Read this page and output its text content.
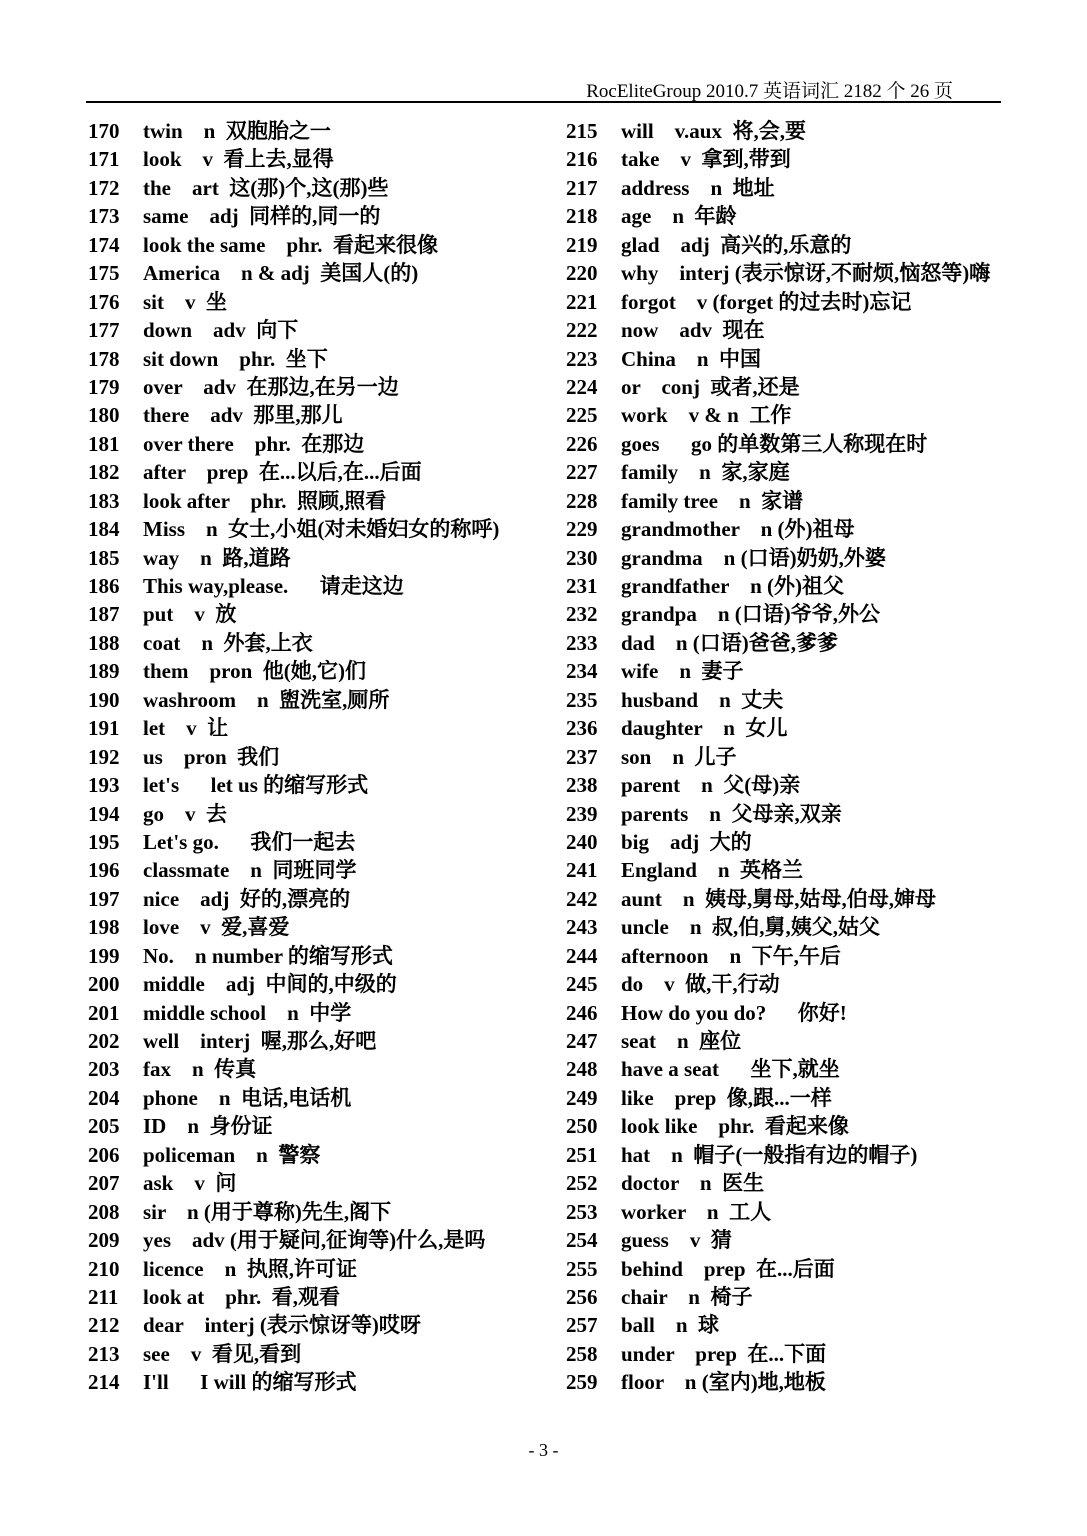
RocEliteGroup 2010.7 英语词汇 2182 个 26 页
170 twin    n  双胞胎之一
171 look    v  看上去,显得
172 the    art  这(那)个,这(那)些
173 same    adj  同样的,同一的
174 look the same    phr.  看起来很像
175 America    n & adj  美国人(的)
176 sit    v  坐
177 down    adv  向下
178 sit down    phr.  坐下
179 over    adv  在那边,在另一边
180 there    adv  那里,那儿
181 over there    phr.  在那边
182 after    prep  在...以后,在...后面
183 look after    phr.  照顾,照看
184 Miss    n  女士,小姐(对未婚妇女的称呼)
185 way    n  路,道路
186 This way,please.      请走这边
187 put    v  放
188 coat    n  外套,上衣
189 them    pron  他(她,它)们
190 washroom    n  盥洗室,厕所
191 let    v  让
192 us    pron  我们
193 let's      let us 的缩写形式
194 go    v  去
195 Let's go.      我们一起去
196 classmate    n  同班同学
197 nice    adj  好的,漂亮的
198 love    v  爱,喜爱
199 No.    n number 的缩写形式
200 middle    adj  中间的,中级的
201 middle school    n  中学
202 well    interj  喔,那么,好吧
203 fax    n  传真
204 phone    n  电话,电话机
205 ID    n  身份证
206 policeman    n  警察
207 ask    v  问
208 sir    n (用于尊称)先生,阁下
209 yes    adv (用于疑问,征询等)什么,是吗
210 licence    n  执照,许可证
211 look at    phr.  看,观看
212 dear    interj (表示惊讶等)哎呀
213 see    v  看见,看到
214 I'll      I will 的缩写形式
215 will    v.aux  将,会,要
216 take    v  拿到,带到
217 address    n  地址
218 age    n  年龄
219 glad    adj  高兴的,乐意的
220 why    interj (表示惊讶,不耐烦,恼怒等)嗨
221 forgot    v (forget 的过去时)忘记
222 now    adv  现在
223 China    n  中国
224 or    conj  或者,还是
225 work    v & n  工作
226 goes      go 的单数第三人称现在时
227 family    n  家,家庭
228 family tree    n  家谱
229 grandmother    n (外)祖母
230 grandma    n (口语)奶奶,外婆
231 grandfather    n (外)祖父
232 grandpa    n (口语)爷爷,外公
233 dad    n (口语)爸爸,爹爹
234 wife    n  妻子
235 husband    n  丈夫
236 daughter    n  女儿
237 son    n  儿子
238 parent    n  父(母)亲
239 parents    n  父母亲,双亲
240 big    adj  大的
241 England    n  英格兰
242 aunt    n  姨母,舅母,姑母,伯母,婶母
243 uncle    n  叔,伯,舅,姨父,姑父
244 afternoon    n  下午,午后
245 do    v  做,干,行动
246 How do you do?      你好!
247 seat    n  座位
248 have a seat      坐下,就坐
249 like    prep  像,跟...一样
250 look like    phr.  看起来像
251 hat    n  帽子(一般指有边的帽子)
252 doctor    n  医生
253 worker    n  工人
254 guess    v  猜
255 behind    prep  在...后面
256 chair    n  椅子
257 ball    n  球
258 under    prep  在...下面
259 floor    n (室内)地,地板
- 3 -
